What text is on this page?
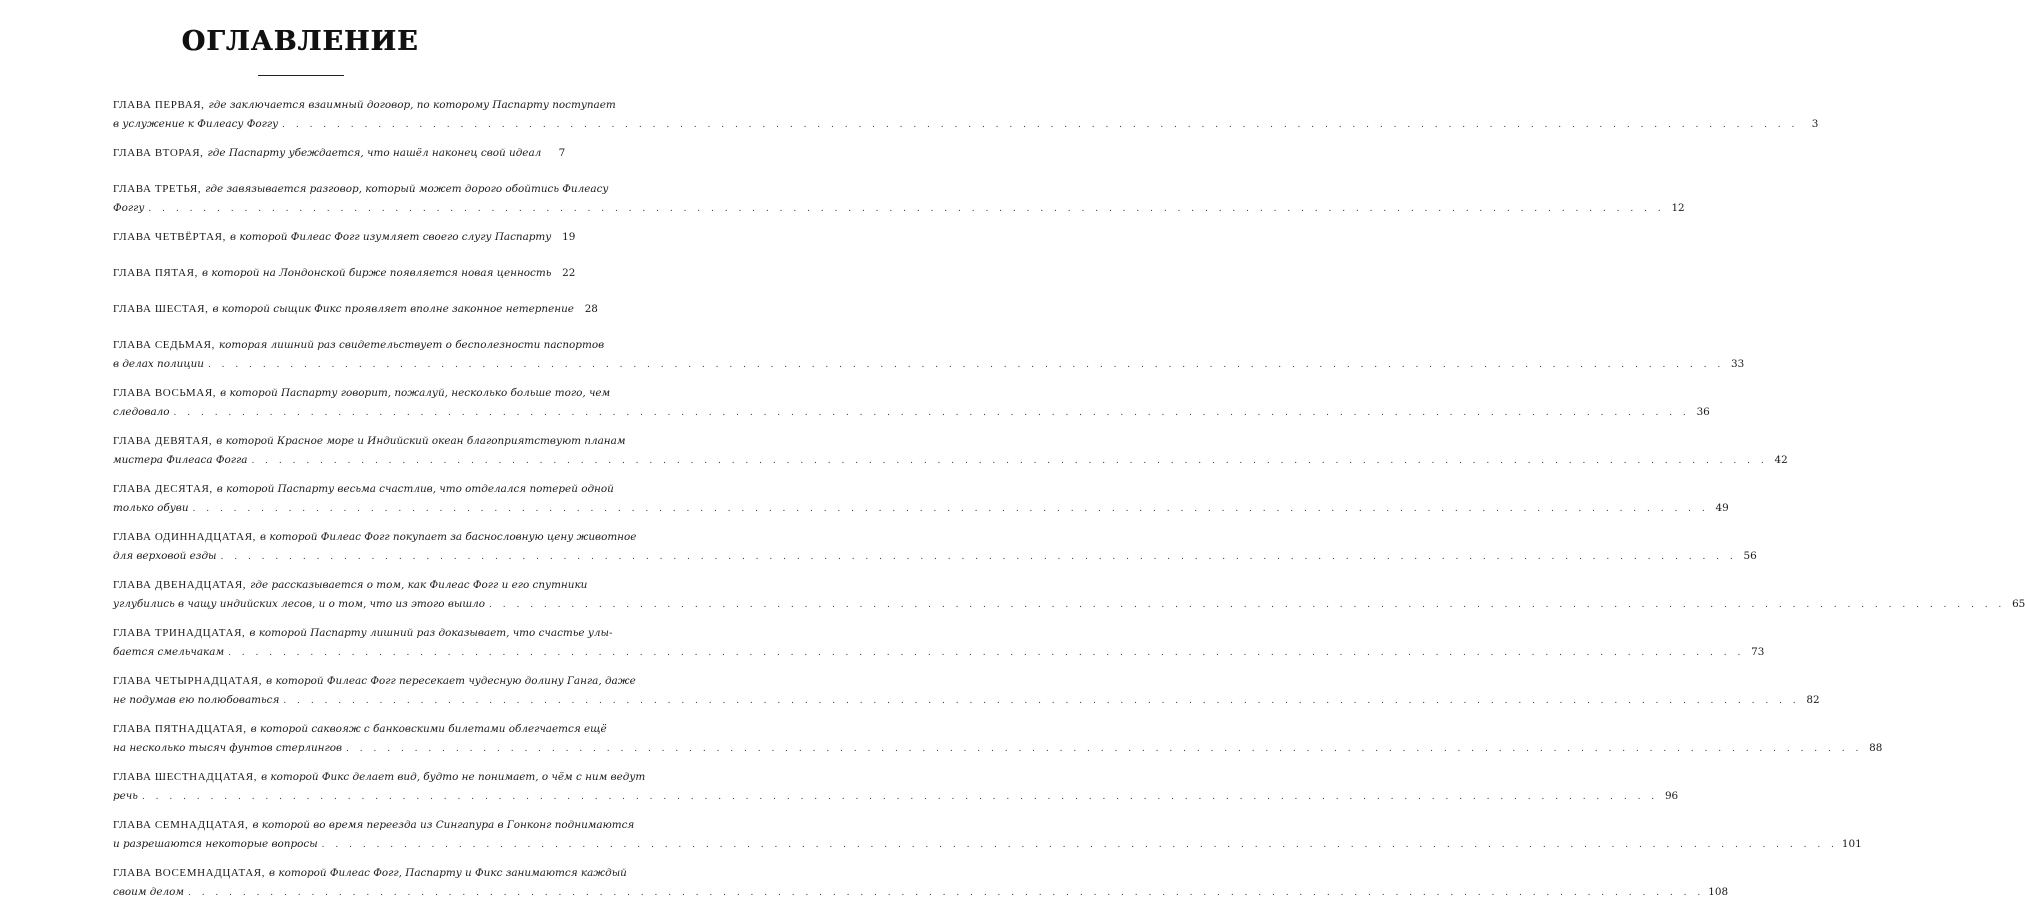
ОГЛАВЛЕНИЕ
ГЛАВА ПЕРВАЯ, где заключается взаимный договор, по которому Паспарту поступает
в услужение к Филеасу Фоггу . . .	3
ГЛАВА ВТОРАЯ, где Паспарту убеждается, что нашёл наконец свой идеал	7
ГЛАВА ТРЕТЬЯ, где завязывается разговор, который может дорого обойтись Филеасу
Фоггу . . .	12
ГЛАВА ЧЕТВЁРТАЯ, в которой Филеас Фогг изумляет своего слугу Паспарту 19
ГЛАВА ПЯТАЯ, в которой на Лондонской бирже появляется новая ценность 22
ГЛАВА ШЕСТАЯ, в которой сыщик Фикс проявляет вполне законное нетерпение 28
ГЛАВА СЕДЬМАЯ, которая лишний раз свидетельствует о бесполезности паспортов
в делах полиции . . .	33
ГЛАВА ВОСЬМАЯ, в которой Паспарту говорит, пожалуй, несколько больше того, чем
следовало . . .	36
ГЛАВА ДЕВЯТАЯ, в которой Красное море и Индийский океан благоприятствуют планам
мистера Филеаса Фогга . . .	42
ГЛАВА ДЕСЯТАЯ, в которой Паспарту весьма счастлив, что отделался потерей одной
только обуви . . .	49
ГЛАВА ОДИННАДЦАТАЯ, в которой Филеас Фогг покупает за баснословную цену животное
для верховой езды . . .	56
ГЛАВА ДВЕНАДЦАТАЯ, где рассказывается о том, как Филеас Фогг и его спутники
углубились в чащу индийских лесов, и о том, что из этого вышло . . .	65
ГЛАВА ТРИНАДЦАТАЯ, в которой Паспарту лишний раз доказывает, что счастье улы-
бается смельчакам . . .	73
ГЛАВА ЧЕТЫРНАДЦАТАЯ, в которой Филеас Фогг пересекает чудесную долину Ганга, даже
не подумав ею полюбоваться . . .	82
ГЛАВА ПЯТНАДЦАТАЯ, в которой саквояж с банковскими билетами облегчается ещё
на несколько тысяч фунтов стерлингов . . .	88
ГЛАВА ШЕСТНАДЦАТАЯ, в которой Фикс делает вид, будто не понимает, о чём с ним ведут
речь . . .	96
ГЛАВА СЕМНАДЦАТАЯ, в которой во время переезда из Сингапура в Гонконг поднимаются
и разрешаются некоторые вопросы . . .	101
ГЛАВА ВОСЕМНАДЦАТАЯ, в которой Филеас Фогг, Паспарту и Фикс занимаются каждый
своим делом . . .	108
